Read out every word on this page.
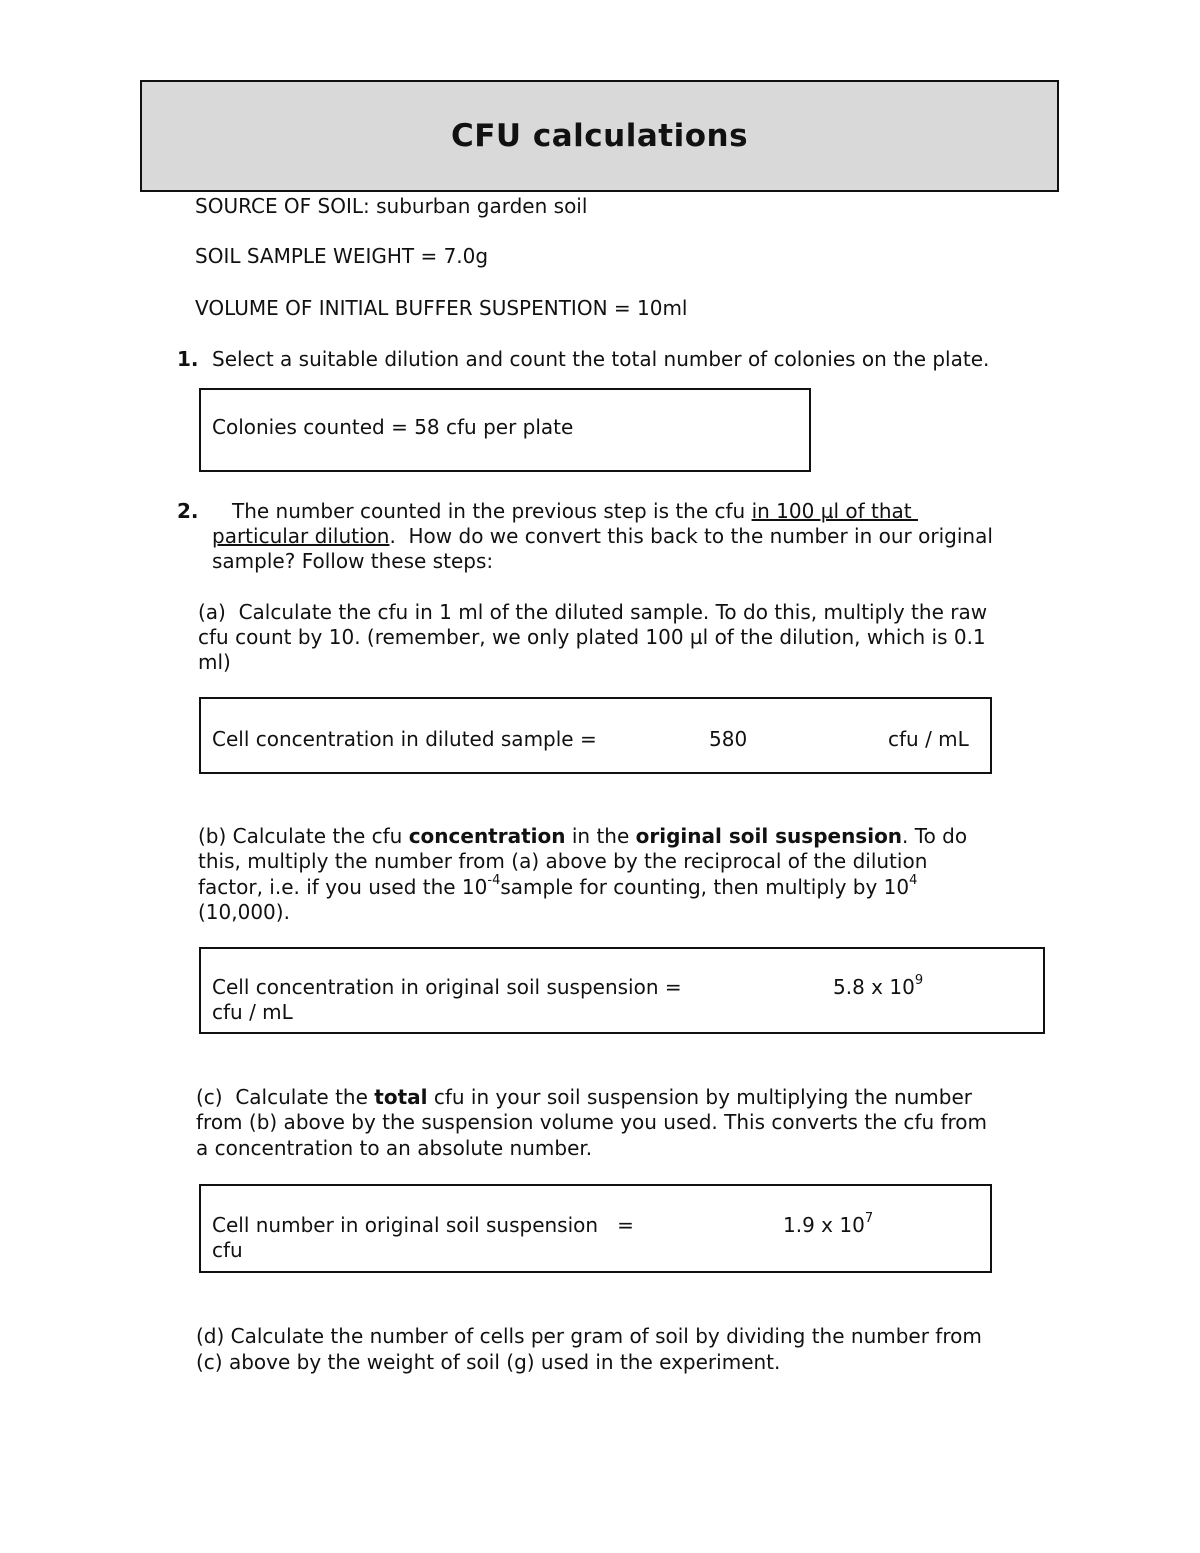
CFU calculations

SOURCE OF SOIL: suburban garden soil

SOIL SAMPLE WEIGHT = 7.0g

VOLUME OF INITIAL BUFFER SUSPENTION = 10ml

1. Select a suitable dilution and count the total number of colonies on the plate.

Colonies counted = 58 cfu per plate
2. The number counted in the previous step is the cfu in 100 µl of that

particular dilution.  How do we convert this back to the number in our original

sample? Follow these steps:

(a)  Calculate the cfu in 1 ml of the diluted sample. To do this, multiply the raw

cfu count by 10. (remember, we only plated 100 µl of the dilution, which is 0.1

ml)

Cell concentration in diluted sample =	580	cfu / mL

(b) Calculate the cfu concentration in the original soil suspension. To do

this, multiply the number from (a) above by the reciprocal of the dilution

factor, i.e. if you used the $10^{-4}sample$ for counting, then multiply by $10^4$

(10,000).

Cell concentration in original soil suspension =	5.8 x $10^9$
cfu / mL

(c)  Calculate the total cfu in your soil suspension by multiplying the number

from (b) above by the suspension volume you used. This converts the cfu from

a concentration to an absolute number.

Cell number in original soil suspension   =	1.9 x $10^7$
cfu

(d) Calculate the number of cells per gram of soil by dividing the number from

(c) above by the weight of soil (g) used in the experiment.
